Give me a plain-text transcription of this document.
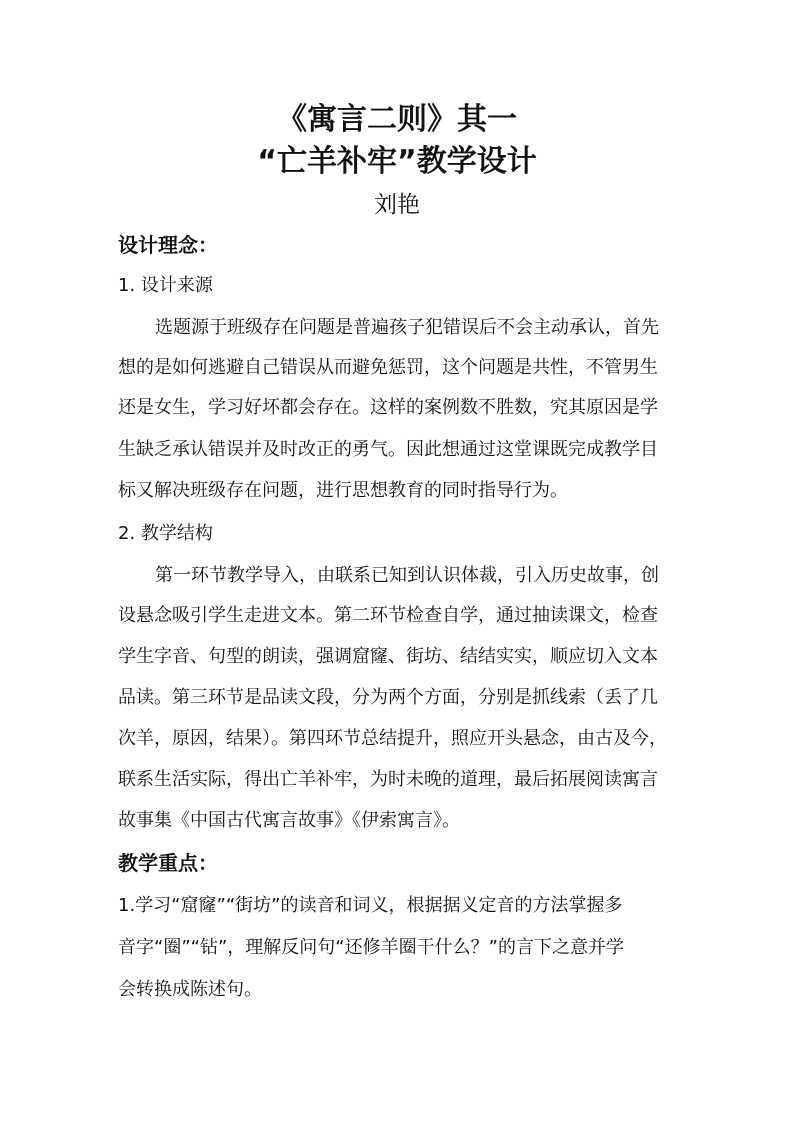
《寓言二则》其一
“亡羊补牢”教学设计
刘艳
设计理念：
1. 设计来源
选题源于班级存在问题是普遍孩子犯错误后不会主动承认，首先
想的是如何逃避自己错误从而避免惩罚，这个问题是共性，不管男生
还是女生，学习好坏都会存在。这样的案例数不胜数，究其原因是学
生缺乏承认错误并及时改正的勇气。因此想通过这堂课既完成教学目
标又解决班级存在问题，进行思想教育的同时指导行为。
2. 教学结构
第一环节教学导入，由联系已知到认识体裁，引入历史故事，创
设悬念吸引学生走进文本。第二环节检查自学，通过抽读课文，检查
学生字音、句型的朗读，强调窟窿、街坊、结结实实，顺应切入文本
品读。第三环节是品读文段，分为两个方面，分别是抓线索（丢了几
次羊，原因，结果）。第四环节总结提升，照应开头悬念，由古及今，
联系生活实际，得出亡羊补牢，为时未晚的道理，最后拓展阅读寓言
故事集《中国古代寓言故事》《伊索寓言》。
教学重点：
1.学习“窟窿”“街坊”的读音和词义，根据据义定音的方法掌握多
音字“圈”“钻”，理解反问句“还修羊圈干什么？”的言下之意并学
会转换成陈述句。
